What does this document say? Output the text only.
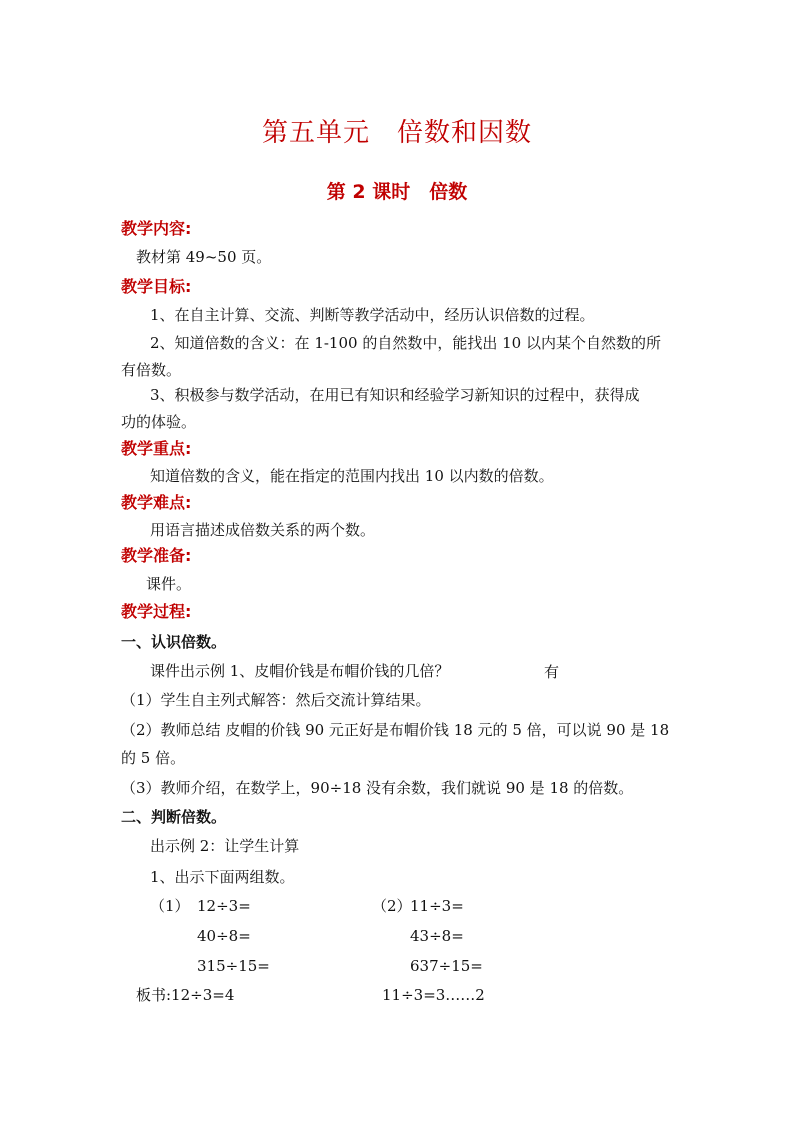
第五单元　倍数和因数
第 2 课时　倍数
教学内容:
教材第 49~50 页。
教学目标:
1、在自主计算、交流、判断等教学活动中，经历认识倍数的过程。
2、知道倍数的含义：在 1-100 的自然数中，能找出 10 以内某个自然数的所
有倍数。
3、积极参与数学活动，在用已有知识和经验学习新知识的过程中，获得成
功的体验。
教学重点:
知道倍数的含义，能在指定的范围内找出 10 以内数的倍数。
教学难点:
用语言描述成倍数关系的两个数。
教学准备:
课件。
教学过程:
一、认识倍数。
课件出示例 1、皮帽价钱是布帽价钱的几倍？	有
（1）学生自主列式解答：然后交流计算结果。
（2）教师总结 皮帽的价钱 90 元正好是布帽价钱 18 元的 5 倍，可以说 90 是 18
的 5 倍。
（3）教师介绍，在数学上，90÷18 没有余数，我们就说 90 是 18 的倍数。
二、判断倍数。
出示例 2：让学生计算
1、出示下面两组数。
（1） 12÷3=
40÷8=
315÷15=
（2）
11÷3=
43÷8=
637÷15=
板书:12÷3=4	11÷3=3……2
